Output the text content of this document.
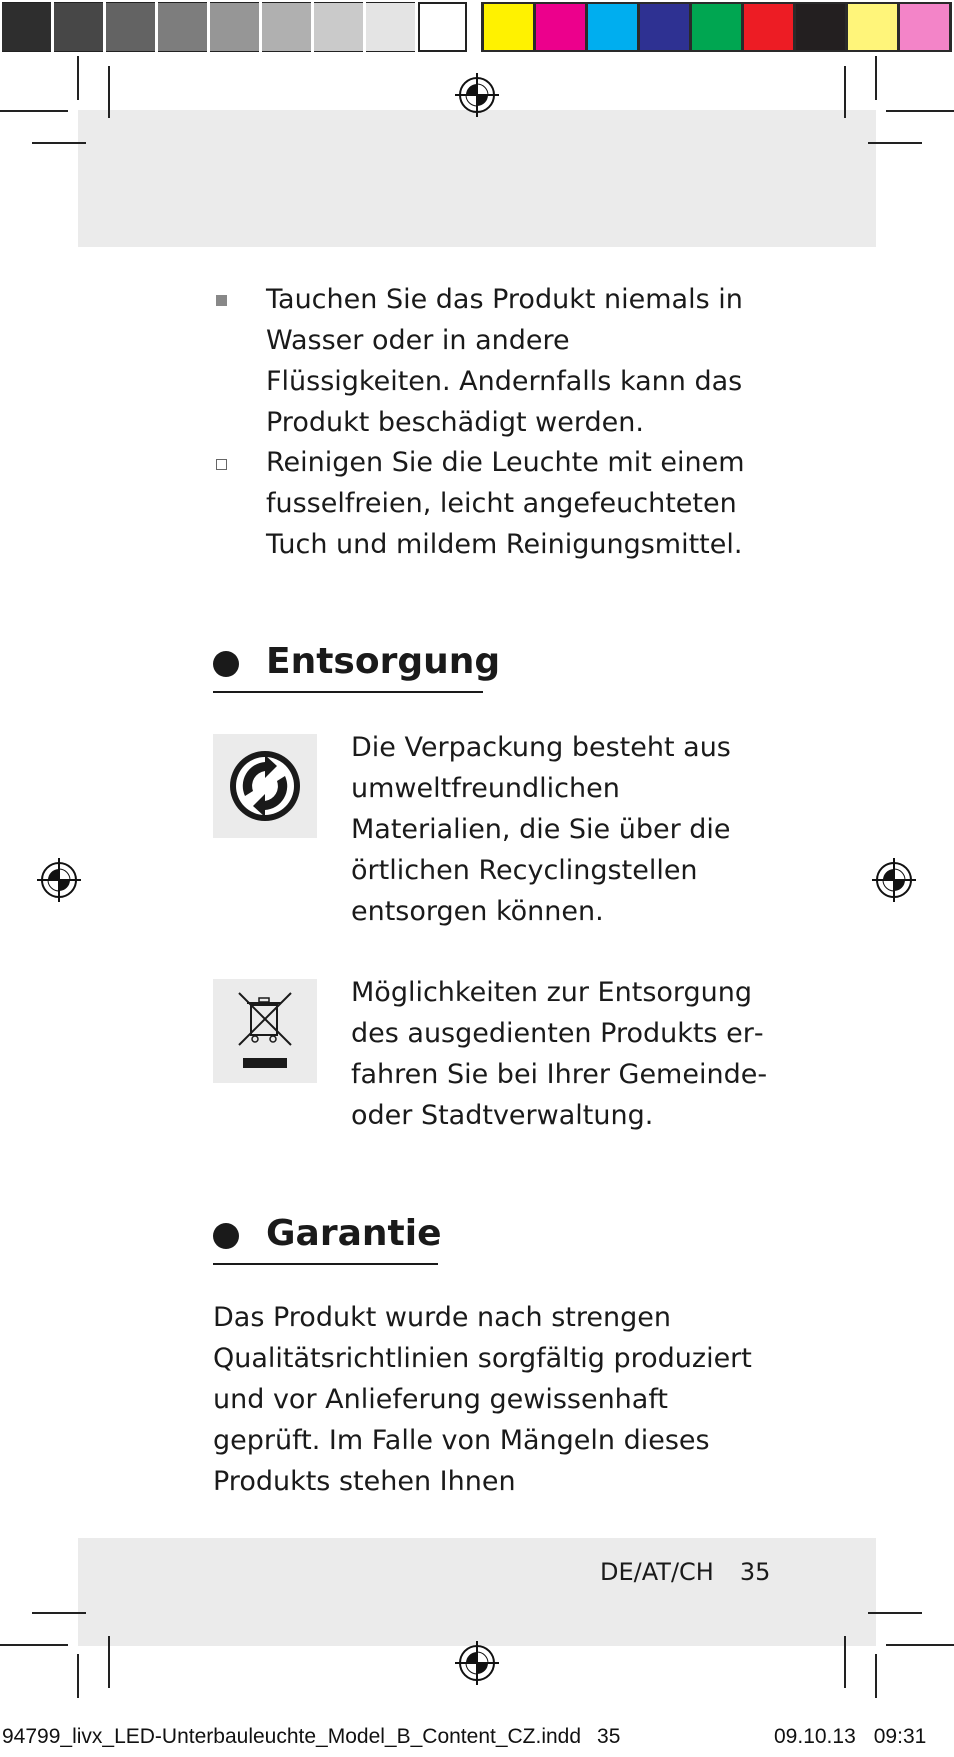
Tauchen Sie das Produkt niemals in Wasser oder in andere Flüssigkeiten. Andernfalls kann das Produkt beschädigt werden.
Reinigen Sie die Leuchte mit einem fusselfreien, leicht angefeuchteten Tuch und mildem Reinigungsmittel.
Entsorgung
Die Verpackung besteht aus umweltfreundlichen Materialien, die Sie über die örtlichen Recyclingstellen entsorgen können.
Möglichkeiten zur Entsorgung des ausgedienten Produkts erfahren Sie bei Ihrer Gemeinde- oder Stadtverwaltung.
Garantie
Das Produkt wurde nach strengen Qualitätsrichtlinien sorgfältig produziert und vor Anlieferung gewissenhaft geprüft. Im Falle von Mängeln dieses Produkts stehen Ihnen
DE/AT/CH 35
94799_livx_LED-Unterbauleuchte_Model_B_Content_CZ.indd 35	09.10.13 09:31
